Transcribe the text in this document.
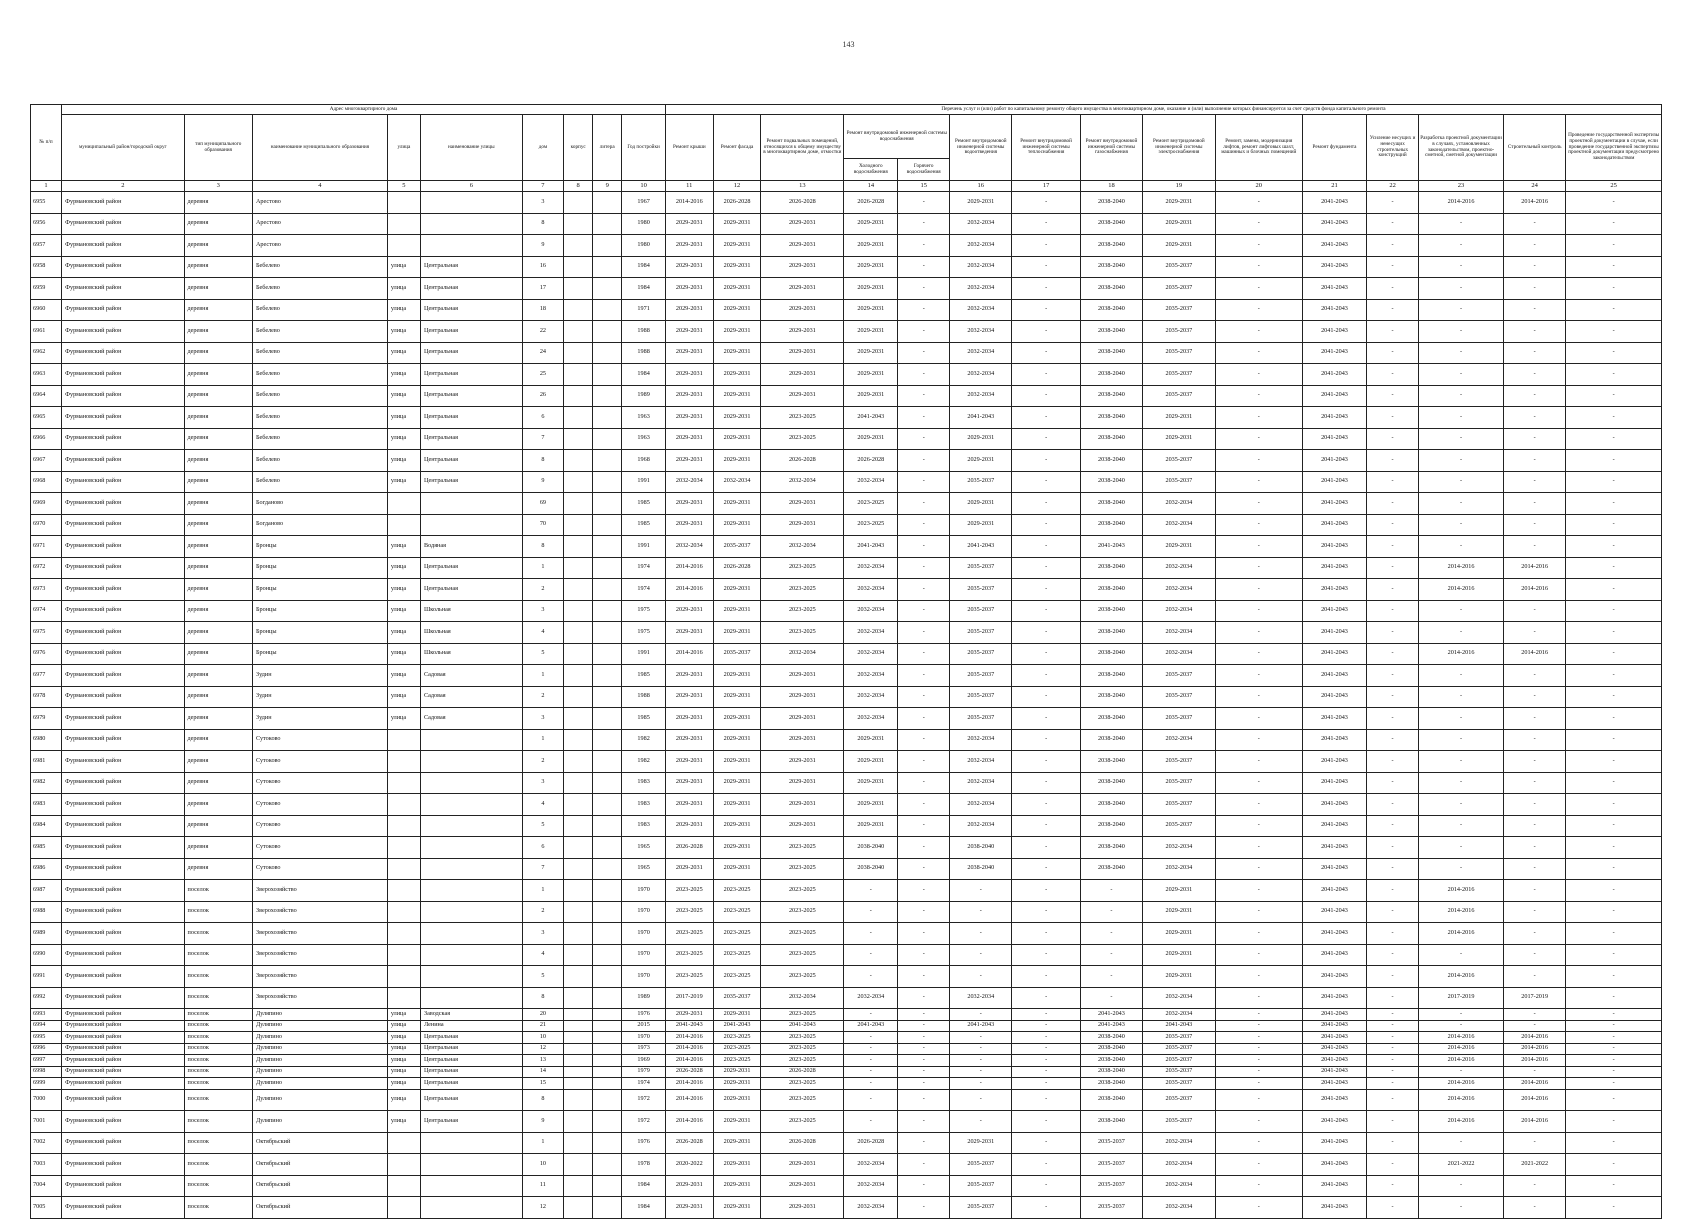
143
№ п/п	Адрес многоквартирного дома									Перечень услуг и (или) работ по капитальному ремонту общего имущества в многоквартирном доме, оказание и (или) выполнение которых финансируется за счет средств фонда капитального ремонта														
	муниципальный район/городской округ	тип муниципального образования	наименование муниципального образования	улица	наименование улицы	дом	корпус	литера	Год постройки	Ремонт крыши	Ремонт фасада	Ремонт подвальных помещений, относящихся к общему имуществу в многоквартирном доме, отмостки	Ремонт внутридомовой инженерной системы водоснабжения		Ремонт внутридомовой инженерной системы водоотведения	Ремонт внутридомовой инженерной системы теплоснабжения	Ремонт внутридомовой инженерной системы газоснабжения	Ремонт внутридомовой инженерной системы электроснабжения	Ремонт, замена, модернизация лифтов, ремонт лифтовых шахт, машинных и блочных помещений	Ремонт фундамента	Усиление несущих и ненесущих строительных конструкций	Разработка проектной документации в случаях, установленных законодательством, проектно-сметной, сметной документации	Строительный контроль	Проведение государственной экспертизы проектной документации в случае, если проведение государственной экспертизы проектной документации предусмотрено законодательством
													Холодного водоснабжения	Горячего водоснабжения										
1	2	3	4	5	6	7	8	9	10	11	12	13	14	15	16	17	18	19	20	21	22	23	24	25
6955	Фурмановский район	деревня	Арестово			3			1967	2014-2016	2026-2028	2026-2028	2026-2028	-	2029-2031	-	2038-2040	2029-2031	-	2041-2043	-	2014-2016	2014-2016	-
6956	Фурмановский район	деревня	Арестово			8			1980	2029-2031	2029-2031	2029-2031	2029-2031	-	2032-2034	-	2038-2040	2029-2031	-	2041-2043	-	-	-	-
6957	Фурмановский район	деревня	Арестово			9			1980	2029-2031	2029-2031	2029-2031	2029-2031	-	2032-2034	-	2038-2040	2029-2031	-	2041-2043	-	-	-	-
6958	Фурмановский район	деревня	Бебелево	улица	Центральная	16			1984	2029-2031	2029-2031	2029-2031	2029-2031	-	2032-2034	-	2038-2040	2035-2037	-	2041-2043	-	-	-	-
6959	Фурмановский район	деревня	Бебелево	улица	Центральная	17			1984	2029-2031	2029-2031	2029-2031	2029-2031	-	2032-2034	-	2038-2040	2035-2037	-	2041-2043	-	-	-	-
6960	Фурмановский район	деревня	Бебелево	улица	Центральная	18			1971	2029-2031	2029-2031	2029-2031	2029-2031	-	2032-2034	-	2038-2040	2035-2037	-	2041-2043	-	-	-	-
6961	Фурмановский район	деревня	Бебелево	улица	Центральная	22			1988	2029-2031	2029-2031	2029-2031	2029-2031	-	2032-2034	-	2038-2040	2035-2037	-	2041-2043	-	-	-	-
6962	Фурмановский район	деревня	Бебелево	улица	Центральная	24			1988	2029-2031	2029-2031	2029-2031	2029-2031	-	2032-2034	-	2038-2040	2035-2037	-	2041-2043	-	-	-	-
6963	Фурмановский район	деревня	Бебелево	улица	Центральная	25			1984	2029-2031	2029-2031	2029-2031	2029-2031	-	2032-2034	-	2038-2040	2035-2037	-	2041-2043	-	-	-	-
6964	Фурмановский район	деревня	Бебелево	улица	Центральная	26			1989	2029-2031	2029-2031	2029-2031	2029-2031	-	2032-2034	-	2038-2040	2035-2037	-	2041-2043	-	-	-	-
6965	Фурмановский район	деревня	Бебелево	улица	Центральная	6			1963	2029-2031	2029-2031	2023-2025	2041-2043	-	2041-2043	-	2038-2040	2029-2031	-	2041-2043	-	-	-	-
6966	Фурмановский район	деревня	Бебелево	улица	Центральная	7			1963	2029-2031	2029-2031	2023-2025	2029-2031	-	2029-2031	-	2038-2040	2029-2031	-	2041-2043	-	-	-	-
6967	Фурмановский район	деревня	Бебелево	улица	Центральная	8			1968	2029-2031	2029-2031	2026-2028	2026-2028	-	2029-2031	-	2038-2040	2035-2037	-	2041-2043	-	-	-	-
6968	Фурмановский район	деревня	Бебелево	улица	Центральная	9			1991	2032-2034	2032-2034	2032-2034	2032-2034	-	2035-2037	-	2038-2040	2035-2037	-	2041-2043	-	-	-	-
6969	Фурмановский район	деревня	Богданово			69			1985	2029-2031	2029-2031	2029-2031	2023-2025	-	2029-2031	-	2038-2040	2032-2034	-	2041-2043	-	-	-	-
6970	Фурмановский район	деревня	Богданово			70			1985	2029-2031	2029-2031	2029-2031	2023-2025	-	2029-2031	-	2038-2040	2032-2034	-	2041-2043	-	-	-	-
6971	Фурмановский район	деревня	Бронцы	улица	Водяная	8			1991	2032-2034	2035-2037	2032-2034	2041-2043	-	2041-2043	-	2041-2043	2029-2031	-	2041-2043	-	-	-	-
6972	Фурмановский район	деревня	Бронцы	улица	Центральная	1			1974	2014-2016	2026-2028	2023-2025	2032-2034	-	2035-2037	-	2038-2040	2032-2034	-	2041-2043	-	2014-2016	2014-2016	-
6973	Фурмановский район	деревня	Бронцы	улица	Центральная	2			1974	2014-2016	2029-2031	2023-2025	2032-2034	-	2035-2037	-	2038-2040	2032-2034	-	2041-2043	-	2014-2016	2014-2016	-
6974	Фурмановский район	деревня	Бронцы	улица	Школьная	3			1975	2029-2031	2029-2031	2023-2025	2032-2034	-	2035-2037	-	2038-2040	2032-2034	-	2041-2043	-	-	-	-
6975	Фурмановский район	деревня	Бронцы	улица	Школьная	4			1975	2029-2031	2029-2031	2023-2025	2032-2034	-	2035-2037	-	2038-2040	2032-2034	-	2041-2043	-	-	-	-
6976	Фурмановский район	деревня	Бронцы	улица	Школьная	5			1991	2014-2016	2035-2037	2032-2034	2032-2034	-	2035-2037	-	2038-2040	2032-2034	-	2041-2043	-	2014-2016	2014-2016	-
6977	Фурмановский район	деревня	Зудин	улица	Садовая	1			1985	2029-2031	2029-2031	2029-2031	2032-2034	-	2035-2037	-	2038-2040	2035-2037	-	2041-2043	-	-	-	-
6978	Фурмановский район	деревня	Зудин	улица	Садовая	2			1988	2029-2031	2029-2031	2029-2031	2032-2034	-	2035-2037	-	2038-2040	2035-2037	-	2041-2043	-	-	-	-
6979	Фурмановский район	деревня	Зудин	улица	Садовая	3			1985	2029-2031	2029-2031	2029-2031	2032-2034	-	2035-2037	-	2038-2040	2035-2037	-	2041-2043	-	-	-	-
6980	Фурмановский район	деревня	Сутоково			1			1982	2029-2031	2029-2031	2029-2031	2029-2031	-	2032-2034	-	2038-2040	2032-2034	-	2041-2043	-	-	-	-
6981	Фурмановский район	деревня	Сутоково			2			1982	2029-2031	2029-2031	2029-2031	2029-2031	-	2032-2034	-	2038-2040	2035-2037	-	2041-2043	-	-	-	-
6982	Фурмановский район	деревня	Сутоково			3			1983	2029-2031	2029-2031	2029-2031	2029-2031	-	2032-2034	-	2038-2040	2035-2037	-	2041-2043	-	-	-	-
6983	Фурмановский район	деревня	Сутоково			4			1983	2029-2031	2029-2031	2029-2031	2029-2031	-	2032-2034	-	2038-2040	2035-2037	-	2041-2043	-	-	-	-
6984	Фурмановский район	деревня	Сутоково			5			1983	2029-2031	2029-2031	2029-2031	2029-2031	-	2032-2034	-	2038-2040	2035-2037	-	2041-2043	-	-	-	-
6985	Фурмановский район	деревня	Сутоково			6			1965	2026-2028	2029-2031	2023-2025	2038-2040	-	2038-2040	-	2038-2040	2032-2034	-	2041-2043	-	-	-	-
6986	Фурмановский район	деревня	Сутоково			7			1965	2029-2031	2029-2031	2023-2025	2038-2040	-	2038-2040	-	2038-2040	2032-2034	-	2041-2043	-	-	-	-
6987	Фурмановский район	поселок	Зверохозяйство			1			1970	2023-2025	2023-2025	2023-2025	-	-	-	-	-	2029-2031	-	2041-2043	-	2014-2016	-	-
6988	Фурмановский район	поселок	Зверохозяйство			2			1970	2023-2025	2023-2025	2023-2025	-	-	-	-	-	2029-2031	-	2041-2043	-	2014-2016	-	-
6989	Фурмановский район	поселок	Зверохозяйство			3			1970	2023-2025	2023-2025	2023-2025	-	-	-	-	-	2029-2031	-	2041-2043	-	2014-2016	-	-
6990	Фурмановский район	поселок	Зверохозяйство			4			1970	2023-2025	2023-2025	2023-2025	-	-	-	-	-	2029-2031	-	2041-2043	-	-	-	-
6991	Фурмановский район	поселок	Зверохозяйство			5			1970	2023-2025	2023-2025	2023-2025	-	-	-	-	-	2029-2031	-	2041-2043	-	2014-2016	-	-
6992	Фурмановский район	поселок	Зверохозяйство			8			1989	2017-2019	2035-2037	2032-2034	2032-2034	-	2032-2034	-	-	2032-2034	-	2041-2043	-	2017-2019	2017-2019	-
6993	Фурмановский район	поселок	Дуляпино	улица	Заводская	20			1976	2029-2031	2029-2031	2023-2025	-	-	-	-	2041-2043	2032-2034	-	2041-2043	-	-	-	-
6994	Фурмановский район	поселок	Дуляпино	улица	Ленина	21			2015	2041-2043	2041-2043	2041-2043	2041-2043	-	2041-2043	-	2041-2043	2041-2043	-	2041-2043	-	-	-	-
6995	Фурмановский район	поселок	Дуляпино	улица	Центральная	10			1970	2014-2016	2023-2025	2023-2025	-	-	-	-	2038-2040	2035-2037	-	2041-2043	-	2014-2016	2014-2016	-
6996	Фурмановский район	поселок	Дуляпино	улица	Центральная	12			1973	2014-2016	2023-2025	2023-2025	-	-	-	-	2038-2040	2035-2037	-	2041-2043	-	2014-2016	2014-2016	-
6997	Фурмановский район	поселок	Дуляпино	улица	Центральная	13			1969	2014-2016	2023-2025	2023-2025	-	-	-	-	2038-2040	2035-2037	-	2041-2043	-	2014-2016	2014-2016	-
6998	Фурмановский район	поселок	Дуляпино	улица	Центральная	14			1979	2026-2028	2029-2031	2026-2028	-	-	-	-	2038-2040	2035-2037	-	2041-2043	-	-	-	-
6999	Фурмановский район	поселок	Дуляпино	улица	Центральная	15			1974	2014-2016	2029-2031	2023-2025	-	-	-	-	2038-2040	2035-2037	-	2041-2043	-	2014-2016	2014-2016	-
7000	Фурмановский район	поселок	Дуляпино	улица	Центральная	8			1972	2014-2016	2029-2031	2023-2025	-	-	-	-	2038-2040	2035-2037	-	2041-2043	-	2014-2016	2014-2016	-
7001	Фурмановский район	поселок	Дуляпино	улица	Центральная	9			1972	2014-2016	2029-2031	2023-2025	-	-	-	-	2038-2040	2035-2037	-	2041-2043	-	2014-2016	2014-2016	-
7002	Фурмановский район	поселок	Октябрьский			1			1976	2026-2028	2029-2031	2026-2028	2026-2028	-	2029-2031	-	2035-2037	2032-2034	-	2041-2043	-	-	-	-
7003	Фурмановский район	поселок	Октябрьский			10			1978	2020-2022	2029-2031	2029-2031	2032-2034	-	2035-2037	-	2035-2037	2032-2034	-	2041-2043	-	2021-2022	2021-2022	-
7004	Фурмановский район	поселок	Октябрьский			11			1984	2029-2031	2029-2031	2029-2031	2032-2034	-	2035-2037	-	2035-2037	2032-2034	-	2041-2043	-	-	-	-
7005	Фурмановский район	поселок	Октябрьский			12			1984	2029-2031	2029-2031	2029-2031	2032-2034	-	2035-2037	-	2035-2037	2032-2034	-	2041-2043	-	-	-	-
